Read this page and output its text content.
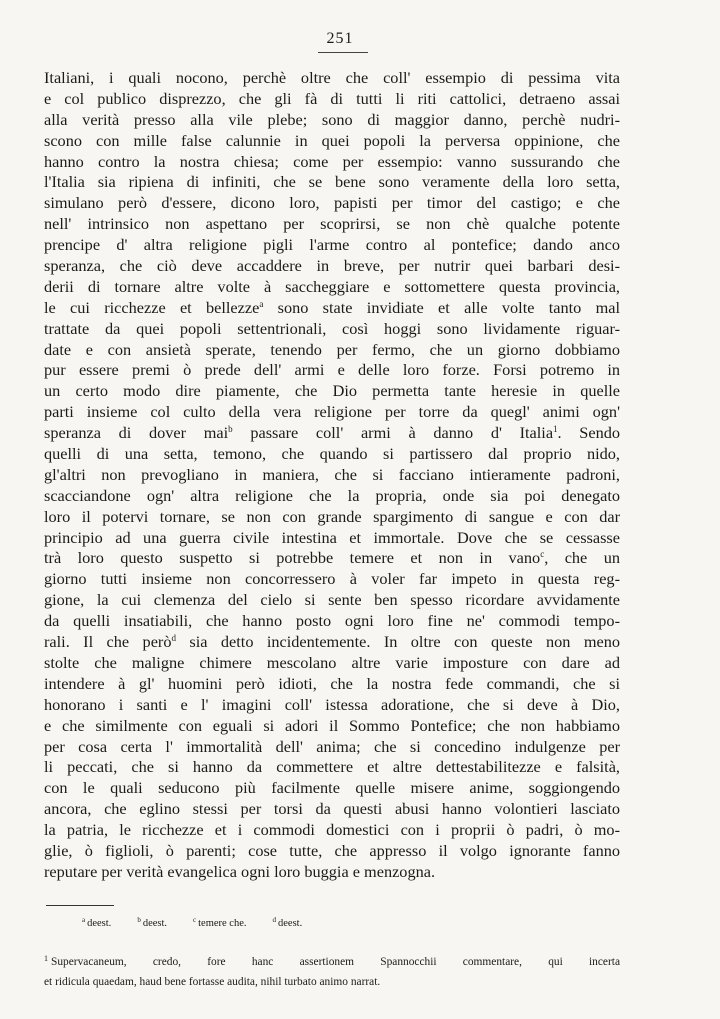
251
Italiani, i quali nocono, perchè oltre che coll' essempio di pessima vita
e col publico disprezzo, che gli fà di tutti li riti cattolici, detraeno assai
alla verità presso alla vile plebe; sono di maggior danno, perchè nudri-
scono con mille false calunnie in quei popoli la perversa oppinione, che
hanno contro la nostra chiesa; come per essempio: vanno sussurando che
l'Italia sia ripiena di infiniti, che se bene sono veramente della loro setta,
simulano però d'essere, dicono loro, papisti per timor del castigo; e che
nell' intrinsico non aspettano per scoprirsi, se non chè qualche potente
prencipe d' altra religione pigli l'arme contro al pontefice; dando anco
speranza, che ciò deve accaddere in breve, per nutrir quei barbari desi-
derii di tornare altre volte à saccheggiare e sottomettere questa provincia,
le cui ricchezze et bellezze$^a$ sono state invidiate et alle volte tanto mal
trattate da quei popoli settentrionali, così hoggi sono lividamente riguar-
date e con ansietà sperate, tenendo per fermo, che un giorno dobbiamo
pur essere premi ò prede dell' armi e delle loro forze. Forsi potremo in
un certo modo dire piamente, che Dio permetta tante heresie in quelle
parti insieme col culto della vera religione per torre da quegl' animi ogn'
speranza di dover mai$^b$ passare coll' armi à danno d' Italia$^1$. Sendo
quelli di una setta, temono, che quando si partissero dal proprio nido,
gl'altri non prevogliano in maniera, che si facciano intieramente padroni,
scacciandone ogn' altra religione che la propria, onde sia poi denegato
loro il potervi tornare, se non con grande spargimento di sangue e con dar
principio ad una guerra civile intestina et immortale. Dove che se cessasse
trà loro questo suspetto si potrebbe temere et non in vano$^c$, che un
giorno tutti insieme non concorressero à voler far impeto in questa reg-
gione, la cui clemenza del cielo si sente ben spesso ricordare avvidamente
da quelli insatiabili, che hanno posto ogni loro fine ne' commodi tempo-
rali. Il che però$^d$ sia detto incidentemente. In oltre con queste non meno
stolte che maligne chimere mescolano altre varie imposture con dare ad
intendere à gl' huomini però idioti, che la nostra fede commandi, che si
honorano i santi e l' imagini coll' istessa adoratione, che si deve à Dio,
e che similmente con eguali si adori il Sommo Pontefice; che non habbiamo
per cosa certa l' immortalità dell' anima; che si concedino indulgenze per
li peccati, che si hanno da commettere et altre dettestabilitezze e falsità,
con le quali seducono più facilmente quelle misere anime, soggiongendo
ancora, che eglino stessi per torsi da questi abusi hanno volontieri lasciato
la patria, le ricchezze et i commodi domestici con i proprii ò padri, ò mo-
glie, ò figlioli, ò parenti; cose tutte, che appresso il volgo ignorante fanno
reputare per verità evangelica ogni loro buggia e menzogna.
$^a$ deest.	$^b$ deest.	$^c$ temere che.	$^d$ deest.
$^1$ Supervacaneum, credo, fore hanc assertionem Spannocchii commentare, qui incerta
et ridicula quaedam, haud bene fortasse audita, nihil turbato animo narrat.
